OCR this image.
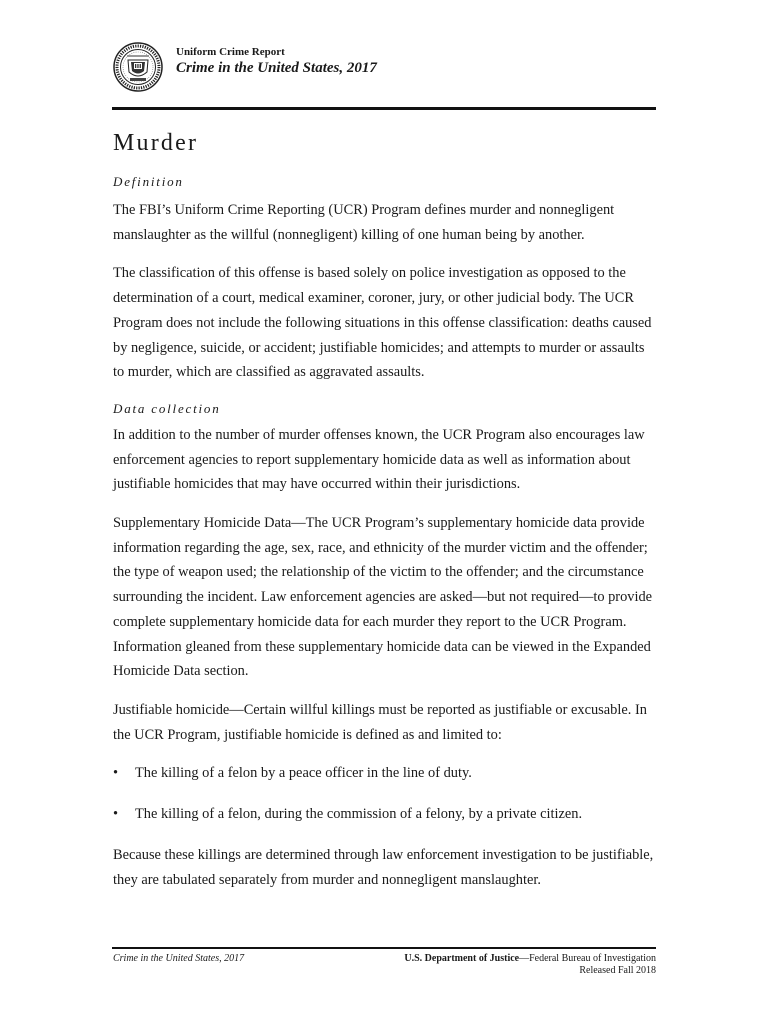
Uniform Crime Report
Crime in the United States, 2017
Murder
Definition

The FBI’s Uniform Crime Reporting (UCR) Program defines murder and nonnegligent manslaughter as the willful (nonnegligent) killing of one human being by another.

The classification of this offense is based solely on police investigation as opposed to the determination of a court, medical examiner, coroner, jury, or other judicial body. The UCR Program does not include the following situations in this offense classification: deaths caused by negligence, suicide, or accident; justifiable homicides; and attempts to murder or assaults to murder, which are classified as aggravated assaults.

Data collection

In addition to the number of murder offenses known, the UCR Program also encourages law enforcement agencies to report supplementary homicide data as well as information about justifiable homicides that may have occurred within their jurisdictions.

Supplementary Homicide Data—The UCR Program’s supplementary homicide data provide information regarding the age, sex, race, and ethnicity of the murder victim and the offender; the type of weapon used; the relationship of the victim to the offender; and the circumstance surrounding the incident. Law enforcement agencies are asked—but not required—to provide complete supplementary homicide data for each murder they report to the UCR Program. Information gleaned from these supplementary homicide data can be viewed in the Expanded Homicide Data section.

Justifiable homicide—Certain willful killings must be reported as justifiable or excusable. In the UCR Program, justifiable homicide is defined as and limited to:

• The killing of a felon by a peace officer in the line of duty.
• The killing of a felon, during the commission of a felony, by a private citizen.

Because these killings are determined through law enforcement investigation to be justifiable, they are tabulated separately from murder and nonnegligent manslaughter.

Crime in the United States, 2017	U.S. Department of Justice—Federal Bureau of Investigation
Released Fall 2018
